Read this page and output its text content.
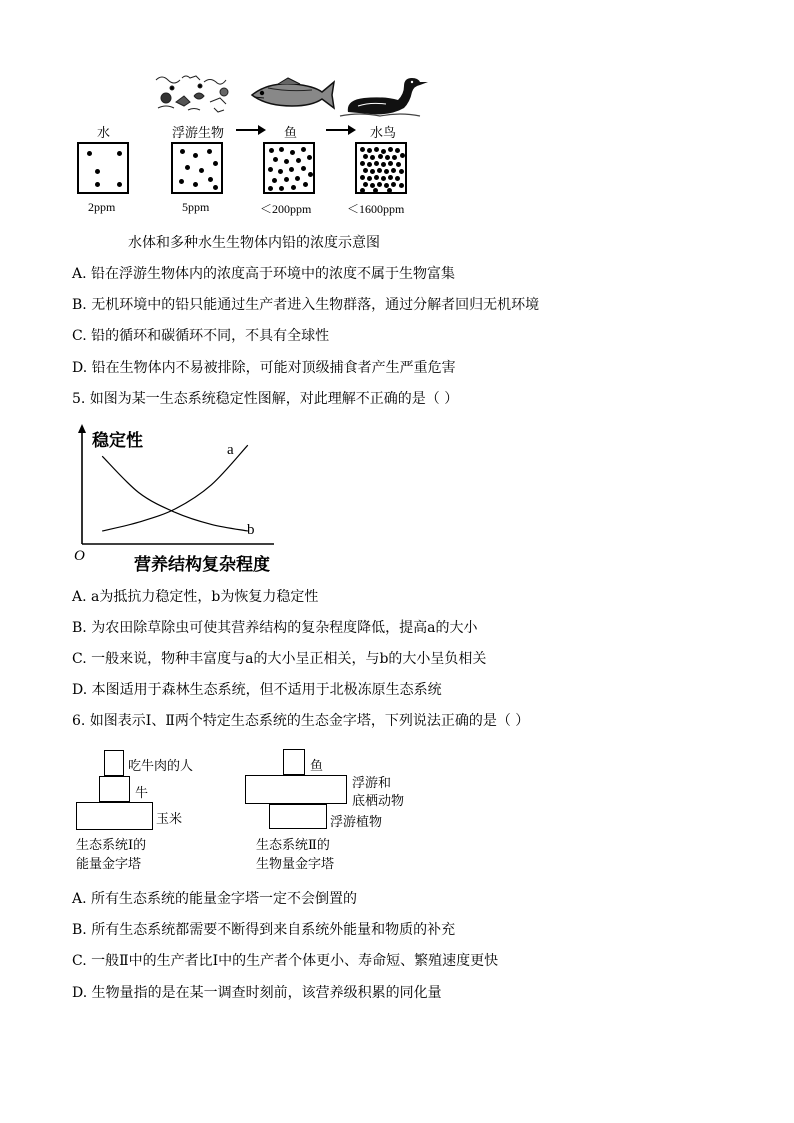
水	浮游生物	鱼	水鸟
2ppm	5ppm	＜200ppm	＜1600ppm
水体和多种水生生物体内铅的浓度示意图
A. 铅在浮游生物体内的浓度高于环境中的浓度不属于生物富集
B. 无机环境中的铅只能通过生产者进入生物群落，通过分解者回归无机环境
C. 铅的循环和碳循环不同，不具有全球性
D. 铅在生物体内不易被排除，可能对顶级捕食者产生严重危害
5. 如图为某一生态系统稳定性图解，对此理解不正确的是（ ）
稳定性
营养结构复杂程度
O
a
b
A. a为抵抗力稳定性，b为恢复力稳定性
B. 为农田除草除虫可使其营养结构的复杂程度降低，提高a的大小
C. 一般来说，物种丰富度与a的大小呈正相关，与b的大小呈负相关
D. 本图适用于森林生态系统，但不适用于北极冻原生态系统
6. 如图表示Ⅰ、Ⅱ两个特定生态系统的生态金字塔，下列说法正确的是（ ）
吃牛肉的人
牛
玉米
生态系统Ⅰ的
能量金字塔
鱼
浮游和
底栖动物
浮游植物
生态系统Ⅱ的
生物量金字塔
A. 所有生态系统的能量金字塔一定不会倒置的
B. 所有生态系统都需要不断得到来自系统外能量和物质的补充
C. 一般Ⅱ中的生产者比Ⅰ中的生产者个体更小、寿命短、繁殖速度更快
D. 生物量指的是在某一调查时刻前，该营养级积累的同化量
